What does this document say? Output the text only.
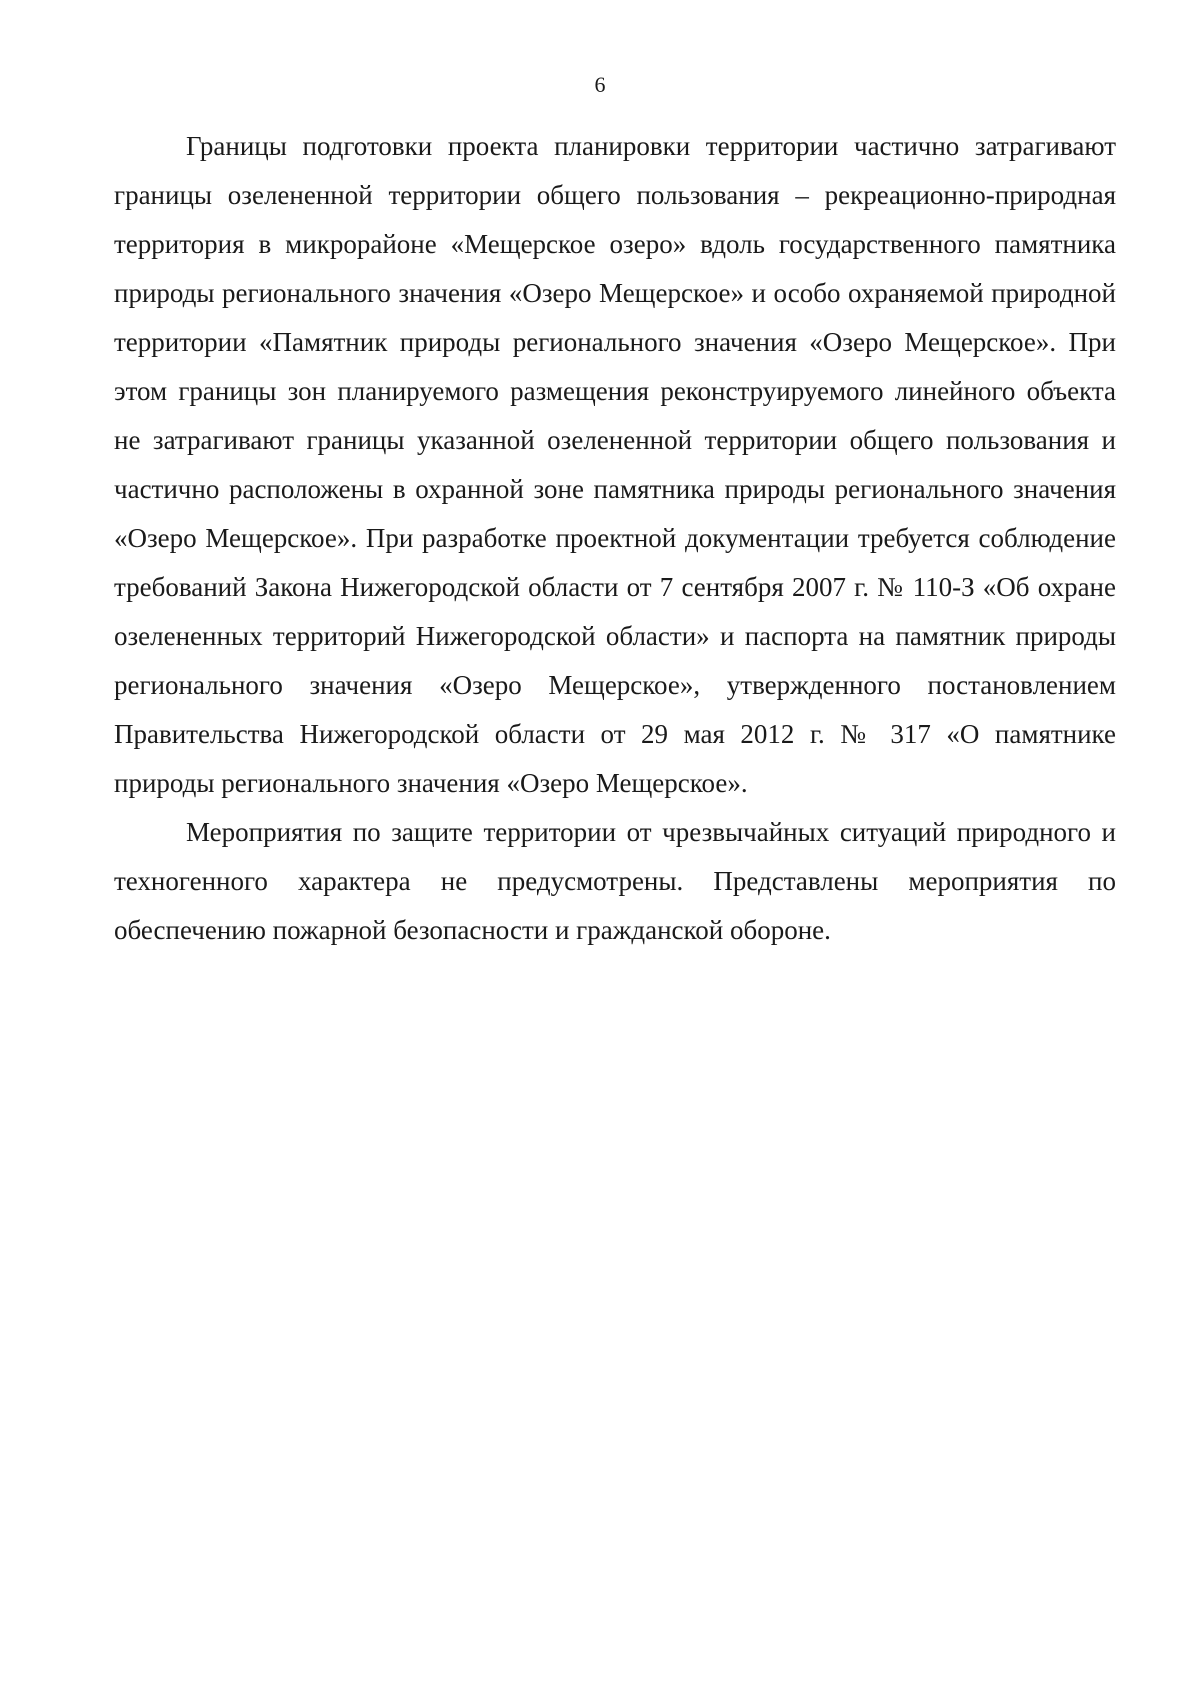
6

Границы подготовки проекта планировки территории частично затрагивают границы озелененной территории общего пользования – рекреационно-природная территория в микрорайоне «Мещерское озеро» вдоль государственного памятника природы регионального значения «Озеро Мещерское» и особо охраняемой природной территории «Памятник природы регионального значения «Озеро Мещерское». При этом границы зон планируемого размещения реконструируемого линейного объекта не затрагивают границы указанной озелененной территории общего пользования и частично расположены в охранной зоне памятника природы регионального значения «Озеро Мещерское». При разработке проектной документации требуется соблюдение требований Закона Нижегородской области от 7 сентября 2007 г. № 110-З «Об охране озелененных территорий Нижегородской области» и паспорта на памятник природы регионального значения «Озеро Мещерское», утвержденного постановлением Правительства Нижегородской области от 29 мая 2012 г. № 317 «О памятнике природы регионального значения «Озеро Мещерское».

Мероприятия по защите территории от чрезвычайных ситуаций природного и техногенного характера не предусмотрены. Представлены мероприятия по обеспечению пожарной безопасности и гражданской обороне.
